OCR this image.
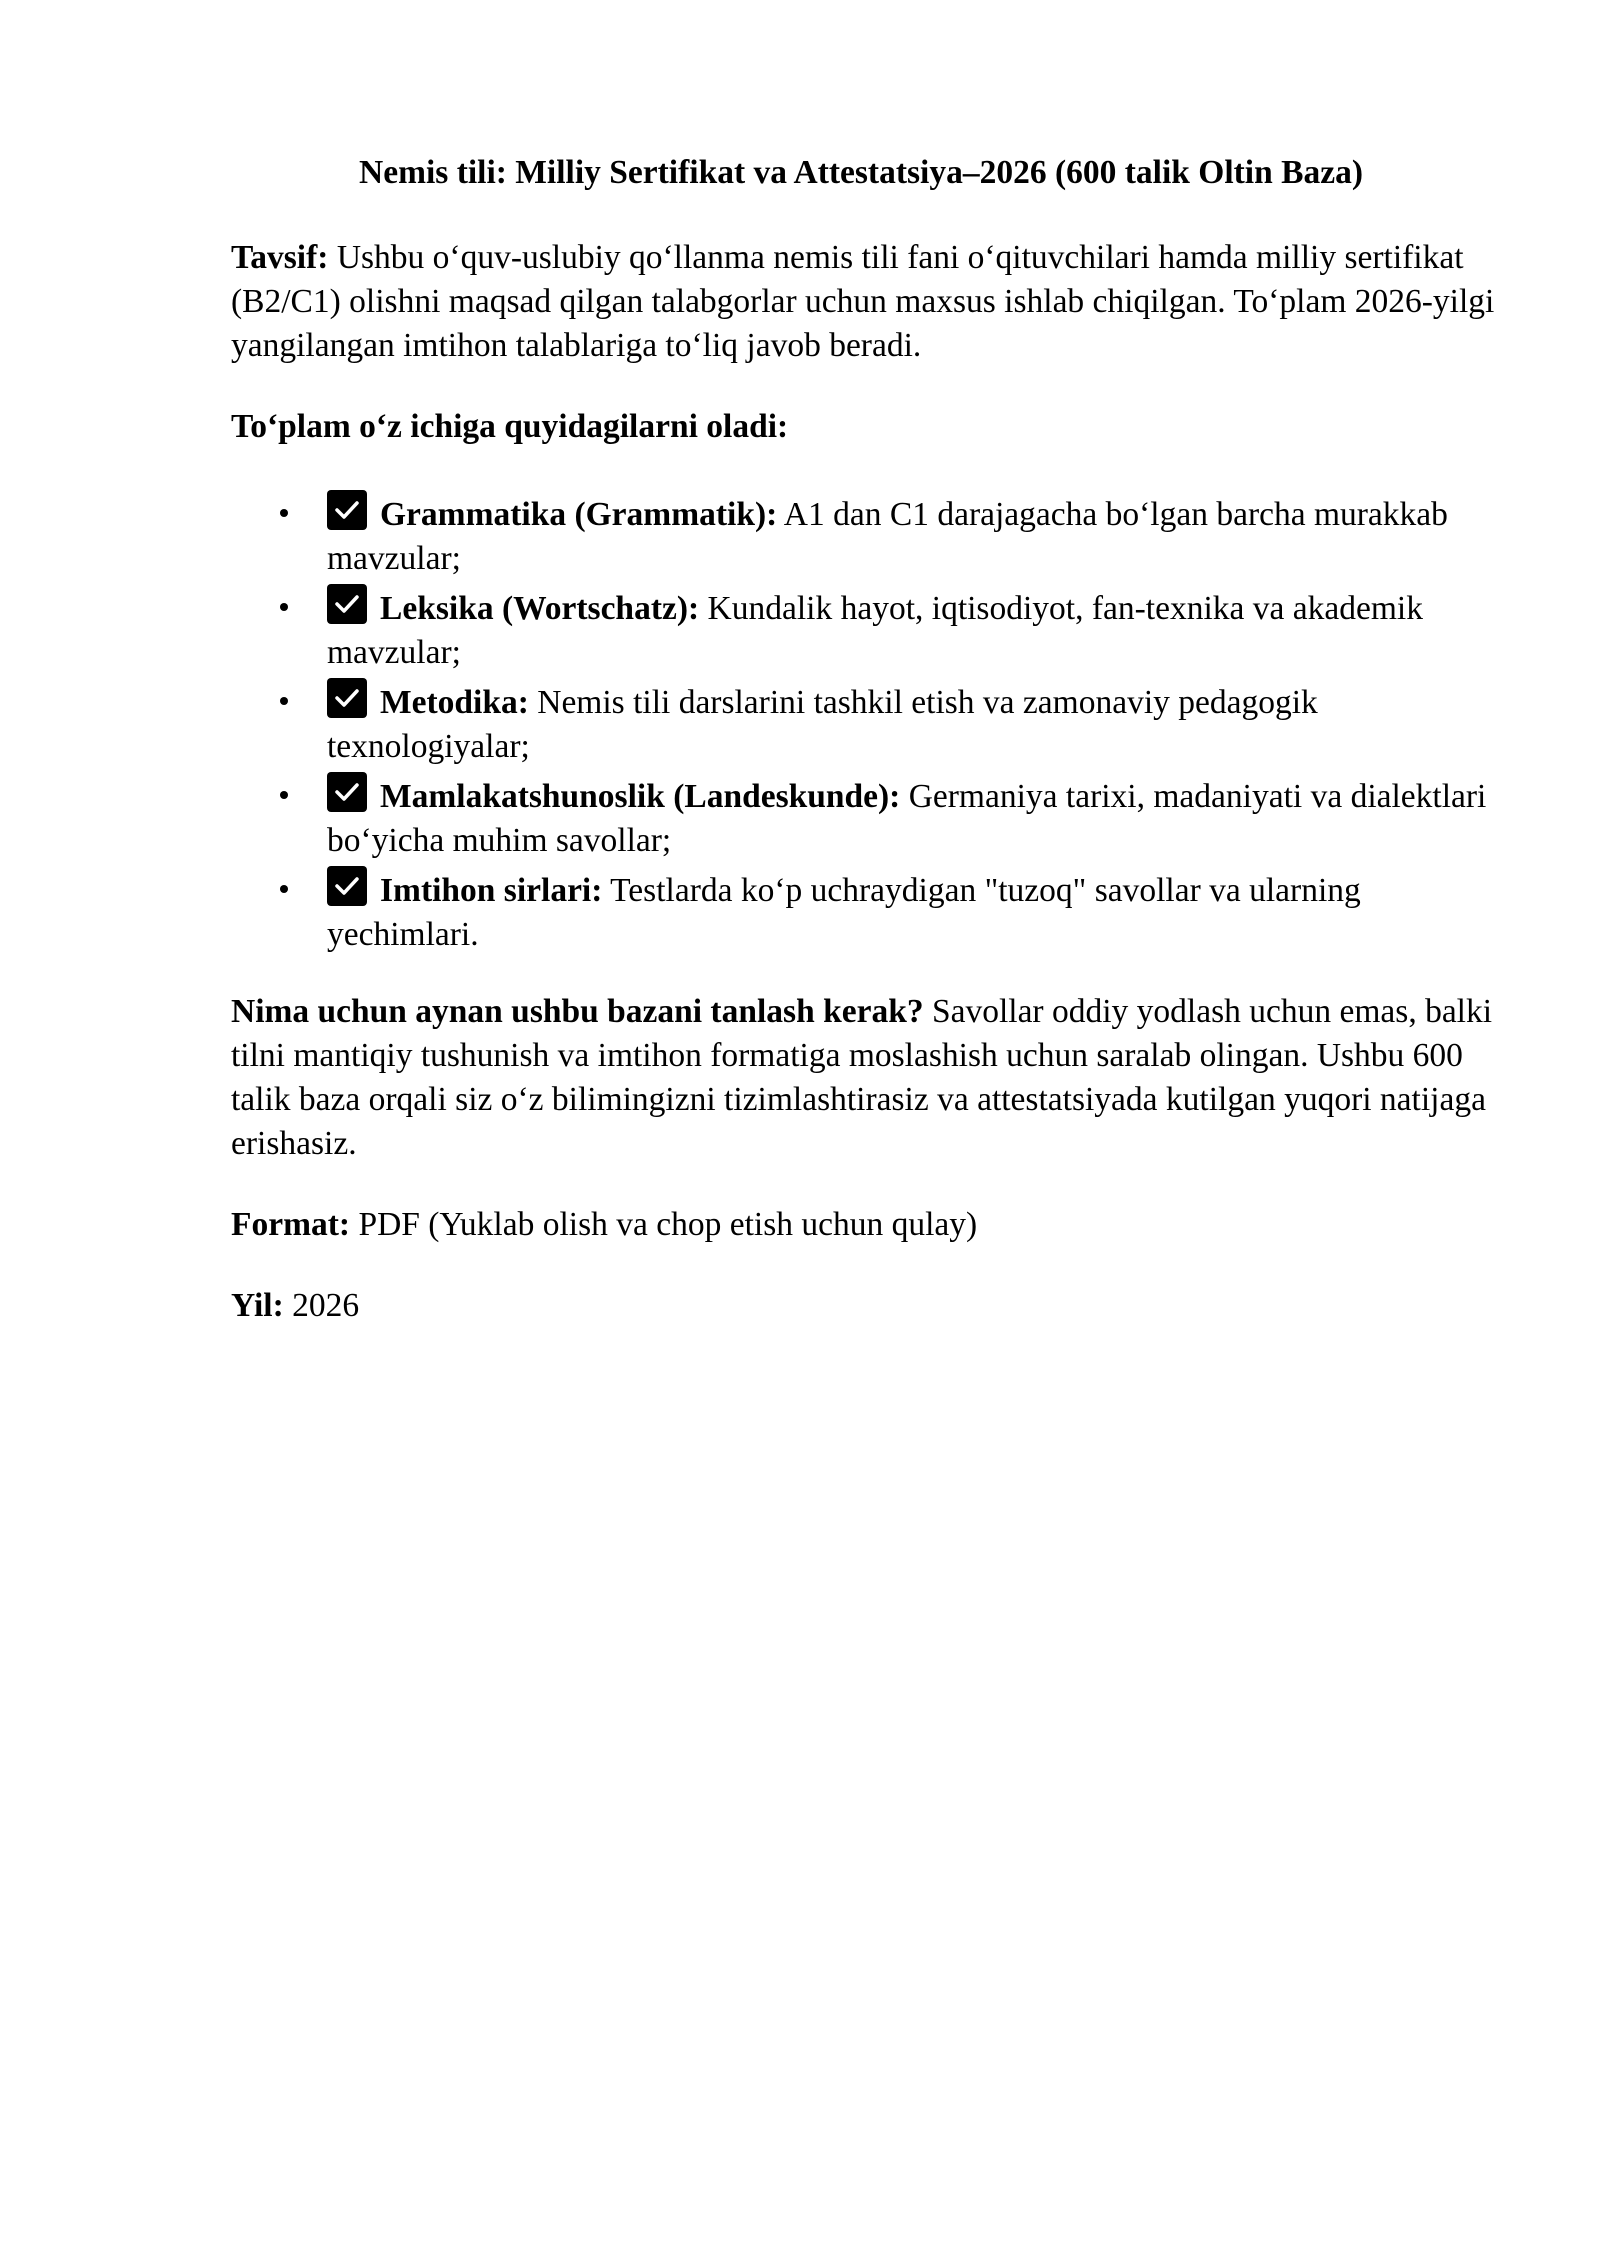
Nemis tili: Milliy Sertifikat va Attestatsiya–2026 (600 talik Oltin Baza)

Tavsif: Ushbu o‘quv-uslubiy qo‘llanma nemis tili fani o‘qituvchilari hamda milliy sertifikat (B2/C1) olishni maqsad qilgan talabgorlar uchun maxsus ishlab chiqilgan. To‘plam 2026-yilgi yangilangan imtihon talablariga to‘liq javob beradi.

To‘plam o‘z ichiga quyidagilarni oladi:

Grammatika (Grammatik): A1 dan C1 darajagacha bo‘lgan barcha murakkab mavzular;
Leksika (Wortschatz): Kundalik hayot, iqtisodiyot, fan-texnika va akademik mavzular;
Metodika: Nemis tili darslarini tashkil etish va zamonaviy pedagogik texnologiyalar;
Mamlakatshunoslik (Landeskunde): Germaniya tarixi, madaniyati va dialektlari bo‘yicha muhim savollar;
Imtihon sirlari: Testlarda ko‘p uchraydigan "tuzoq" savollar va ularning yechimlari.

Nima uchun aynan ushbu bazani tanlash kerak? Savollar oddiy yodlash uchun emas, balki tilni mantiqiy tushunish va imtihon formatiga moslashish uchun saralab olingan. Ushbu 600 talik baza orqali siz o‘z bilimingizni tizimlashtirasiz va attestatsiyada kutilgan yuqori natijaga erishasiz.

Format: PDF (Yuklab olish va chop etish uchun qulay)

Yil: 2026
